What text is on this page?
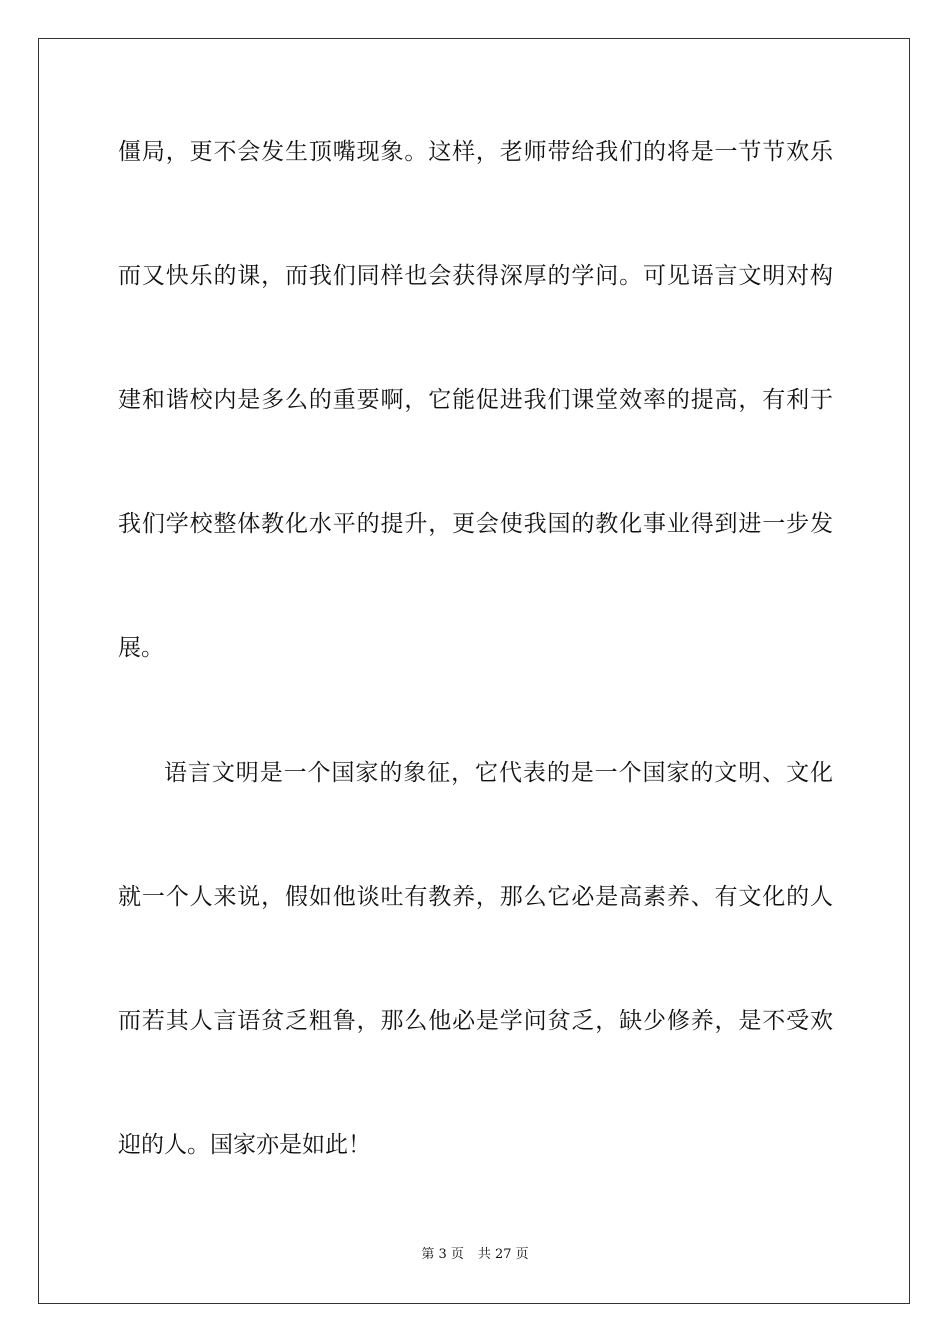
僵局，更不会发生顶嘴现象。这样，老师带给我们的将是一节节欢乐
而又快乐的课，而我们同样也会获得深厚的学问。可见语言文明对构
建和谐校内是多么的重要啊，它能促进我们课堂效率的提高，有利于
我们学校整体教化水平的提升，更会使我国的教化事业得到进一步发
展。
语言文明是一个国家的象征，它代表的是一个国家的文明、文化
就一个人来说，假如他谈吐有教养，那么它必是高素养、有文化的人
而若其人言语贫乏粗鲁，那么他必是学问贫乏，缺少修养，是不受欢
迎的人。国家亦是如此！
第 3 页 共 27 页
